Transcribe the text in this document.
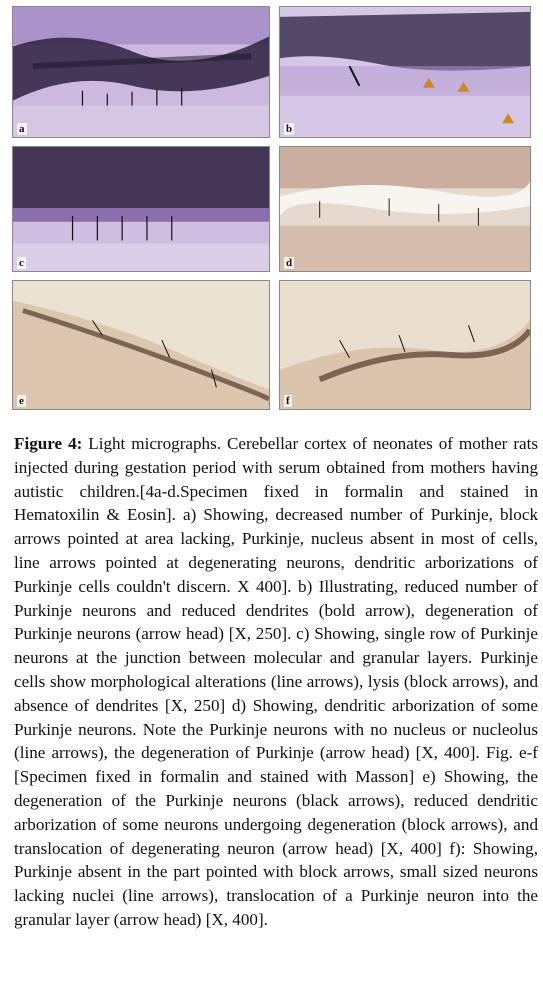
a	b
c	d
e	f
Figure 4: Light micrographs. Cerebellar cortex of neonates of mother rats injected during gestation period with serum obtained from mothers having autistic children.[4a-d.Specimen fixed in formalin and stained in Hematoxilin & Eosin]. a) Showing, decreased number of Purkinje, block arrows pointed at area lacking, Purkinje, nucleus absent in most of cells, line arrows pointed at degenerating neurons, dendritic arborizations of Purkinje cells couldn't discern. X 400]. b) Illustrating, reduced number of Purkinje neurons and reduced dendrites (bold arrow), degeneration of Purkinje neurons (arrow head) [X, 250]. c) Showing, single row of Purkinje neurons at the junction between molecular and granular layers. Purkinje cells show morphological alterations (line arrows), lysis (block arrows), and absence of dendrites [X, 250] d) Showing, dendritic arborization of some Purkinje neurons. Note the Purkinje neurons with no nucleus or nucleolus (line arrows), the degeneration of Purkinje (arrow head) [X, 400]. Fig. e-f [Specimen fixed in formalin and stained with Masson] e) Showing, the degeneration of the Purkinje neurons (black arrows), reduced dendritic arborization of some neurons undergoing degeneration (block arrows), and translocation of degenerating neuron (arrow head) [X, 400] f): Showing, Purkinje absent in the part pointed with block arrows, small sized neurons lacking nuclei (line arrows), translocation of a Purkinje neuron into the granular layer (arrow head) [X, 400].
